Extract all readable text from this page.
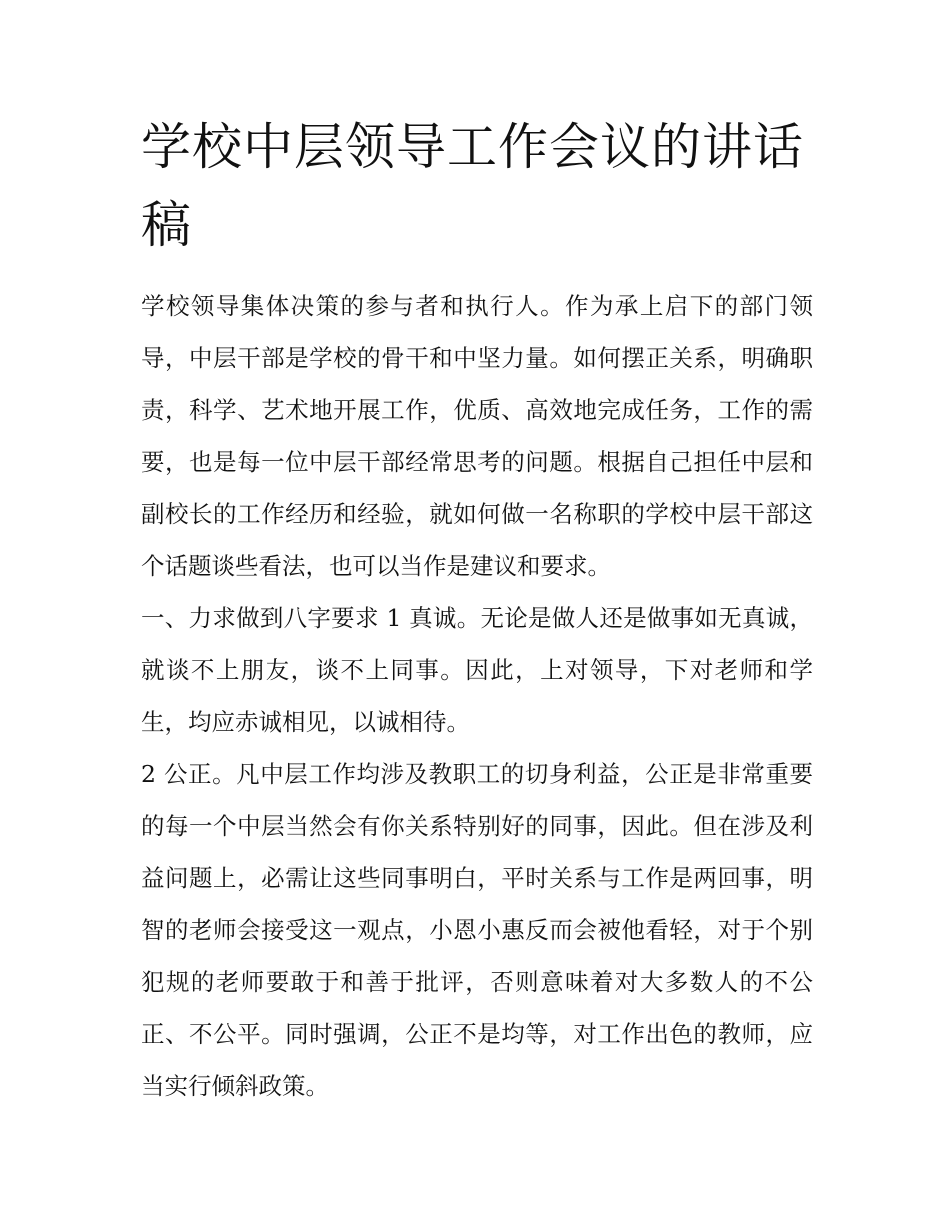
学校中层领导工作会议的讲话稿

学校领导集体决策的参与者和执行人。作为承上启下的部门领导，中层干部是学校的骨干和中坚力量。如何摆正关系，明确职责，科学、艺术地开展工作，优质、高效地完成任务，工作的需要，也是每一位中层干部经常思考的问题。根据自己担任中层和副校长的工作经历和经验，就如何做一名称职的学校中层干部这个话题谈些看法，也可以当作是建议和要求。

一、力求做到八字要求 1 真诚。无论是做人还是做事如无真诚，就谈不上朋友，谈不上同事。因此，上对领导，下对老师和学生，均应赤诚相见，以诚相待。

2 公正。凡中层工作均涉及教职工的切身利益，公正是非常重要的每一个中层当然会有你关系特别好的同事，因此。但在涉及利益问题上，必需让这些同事明白，平时关系与工作是两回事，明智的老师会接受这一观点，小恩小惠反而会被他看轻，对于个别犯规的老师要敢于和善于批评，否则意味着对大多数人的不公正、不公平。同时强调，公正不是均等，对工作出色的教师，应当实行倾斜政策。
